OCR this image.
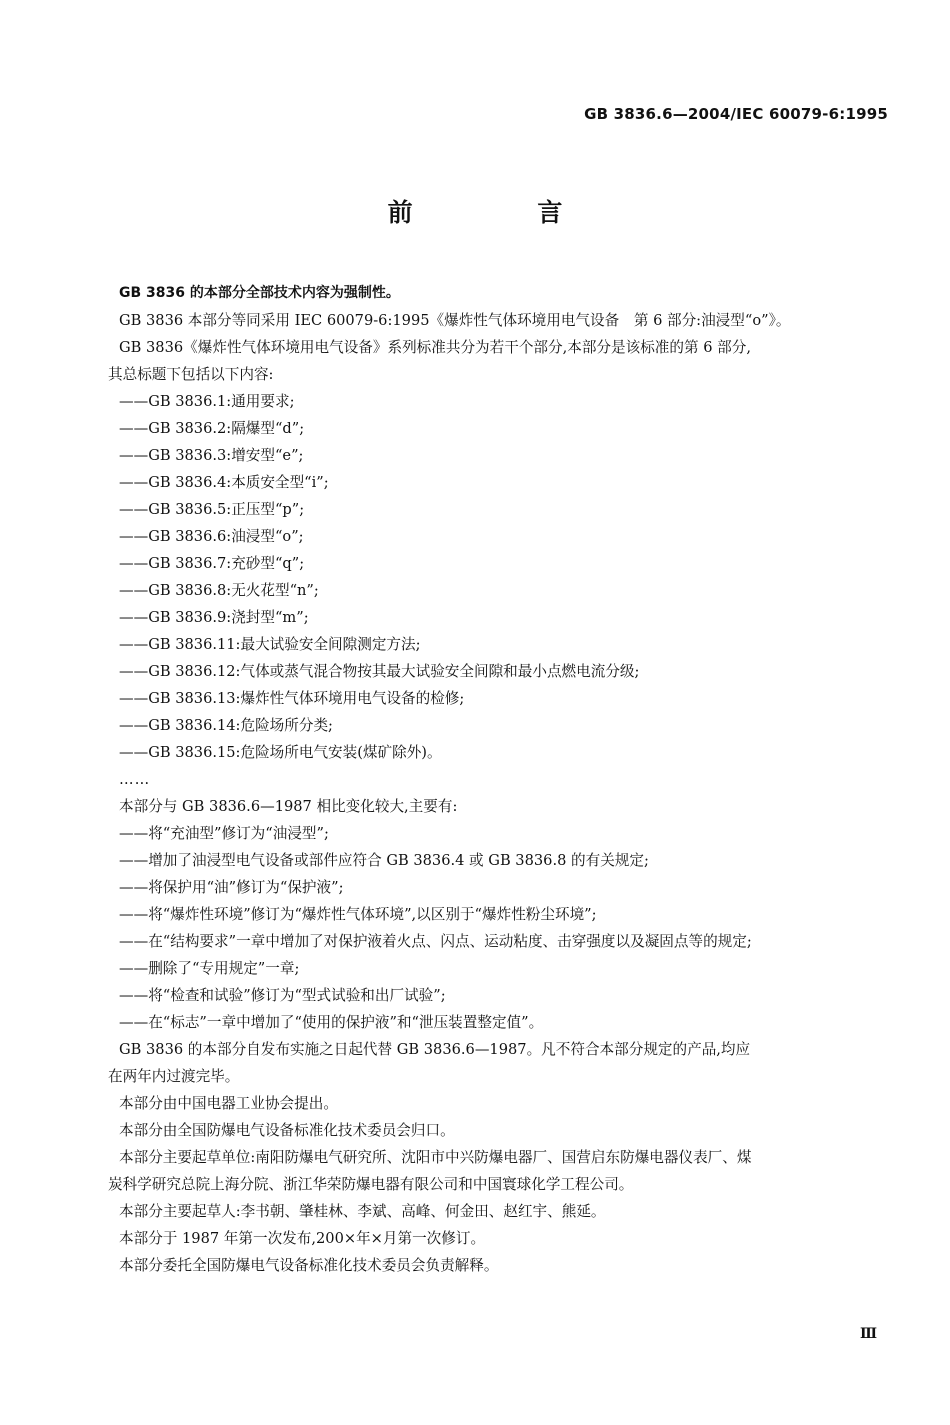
GB 3836.6—2004/IEC 60079-6:1995
前 言
GB 3836 的本部分全部技术内容为强制性。
GB 3836 本部分等同采用 IEC 60079-6:1995《爆炸性气体环境用电气设备　第 6 部分:油浸型“o”》。
GB 3836《爆炸性气体环境用电气设备》系列标准共分为若干个部分,本部分是该标准的第 6 部分,
其总标题下包括以下内容:
——GB 3836.1:通用要求;
——GB 3836.2:隔爆型“d”;
——GB 3836.3:增安型“e”;
——GB 3836.4:本质安全型“i”;
——GB 3836.5:正压型“p”;
——GB 3836.6:油浸型“o”;
——GB 3836.7:充砂型“q”;
——GB 3836.8:无火花型“n”;
——GB 3836.9:浇封型“m”;
——GB 3836.11:最大试验安全间隙测定方法;
——GB 3836.12:气体或蒸气混合物按其最大试验安全间隙和最小点燃电流分级;
——GB 3836.13:爆炸性气体环境用电气设备的检修;
——GB 3836.14:危险场所分类;
——GB 3836.15:危险场所电气安装(煤矿除外)。
……
本部分与 GB 3836.6—1987 相比变化较大,主要有:
——将“充油型”修订为“油浸型”;
——增加了油浸型电气设备或部件应符合 GB 3836.4 或 GB 3836.8 的有关规定;
——将保护用“油”修订为“保护液”;
——将“爆炸性环境”修订为“爆炸性气体环境”,以区别于“爆炸性粉尘环境”;
——在“结构要求”一章中增加了对保护液着火点、闪点、运动粘度、击穿强度以及凝固点等的规定;
——删除了“专用规定”一章;
——将“检查和试验”修订为“型式试验和出厂试验”;
——在“标志”一章中增加了“使用的保护液”和“泄压装置整定值”。
GB 3836 的本部分自发布实施之日起代替 GB 3836.6—1987。凡不符合本部分规定的产品,均应
在两年内过渡完毕。
本部分由中国电器工业协会提出。
本部分由全国防爆电气设备标准化技术委员会归口。
本部分主要起草单位:南阳防爆电气研究所、沈阳市中兴防爆电器厂、国营启东防爆电器仪表厂、煤
炭科学研究总院上海分院、浙江华荣防爆电器有限公司和中国寰球化学工程公司。
本部分主要起草人:李书朝、肇桂林、李斌、高峰、何金田、赵红宇、熊延。
本部分于 1987 年第一次发布,200×年×月第一次修订。
本部分委托全国防爆电气设备标准化技术委员会负责解释。
Ⅲ
